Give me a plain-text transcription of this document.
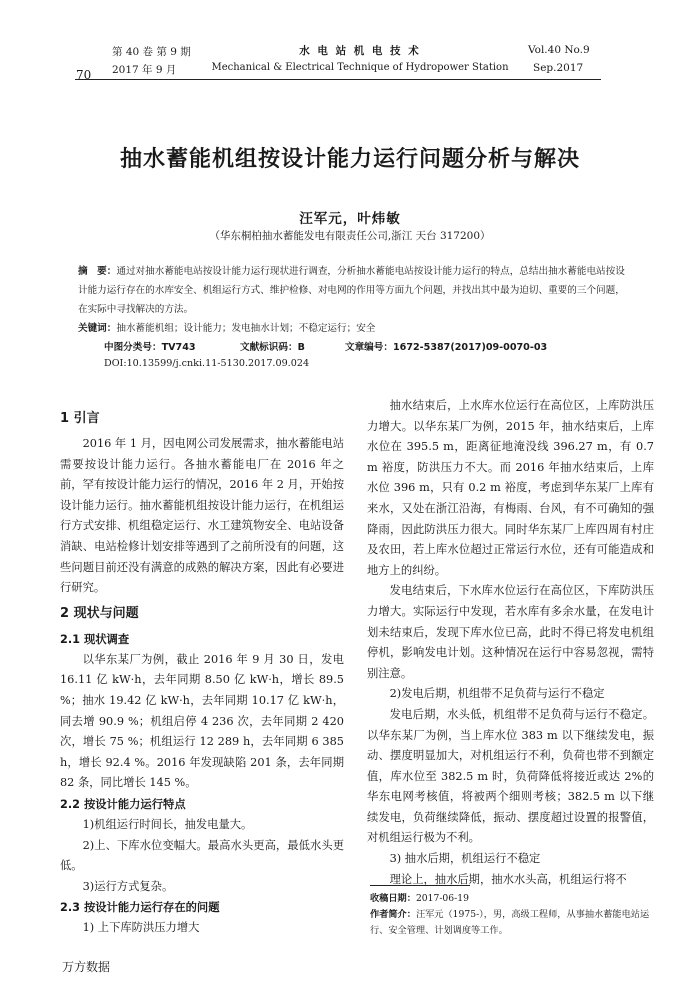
第 40 卷 第 9 期
2017 年 9 月
水 电 站 机 电 技 术
Mechanical & Electrical Technique of Hydropower Station
Vol.40 No.9
Sep.2017
70
抽水蓄能机组按设计能力运行问题分析与解决
汪军元，叶炜敏
（华东桐柏抽水蓄能发电有限责任公司,浙江 天台 317200）
摘　要：通过对抽水蓄能电站按设计能力运行现状进行调查，分析抽水蓄能电站按设计能力运行的特点，总结出抽水蓄能电站按设计能力运行存在的水库安全、机组运行方式、维护检修、对电网的作用等方面九个问题，并找出其中最为迫切、重要的三个问题，在实际中寻找解决的方法。
关键词：抽水蓄能机组；设计能力；发电抽水计划；不稳定运行；安全
中图分类号：TV743	文献标识码：B	文章编号：1672-5387(2017)09-0070-03
DOI:10.13599/j.cnki.11-5130.2017.09.024
1 引言

2016 年 1 月，因电网公司发展需求，抽水蓄能电站需要按设计能力运行。各抽水蓄能电厂在 2016 年之前，罕有按设计能力运行的情况，2016 年 2 月，开始按设计能力运行。抽水蓄能机组按设计能力运行，在机组运行方式安排、机组稳定运行、水工建筑物安全、电站设备消缺、电站检修计划安排等遇到了之前所没有的问题，这些问题目前还没有满意的成熟的解决方案，因此有必要进行研究。

2 现状与问题
2.1 现状调查

以华东某厂为例，截止 2016 年 9 月 30 日，发电 16.11 亿 kW·h，去年同期 8.50 亿 kW·h，增长 89.5 %；抽水 19.42 亿 kW·h，去年同期 10.17 亿 kW·h，同去增 90.9 %；机组启停 4 236 次，去年同期 2 420 次，增长 75 %；机组运行 12 289 h，去年同期 6 385 h，增长 92.4 %。2016 年发现缺陷 201 条，去年同期 82 条，同比增长 145 %。

2.2 按设计能力运行特点

1)机组运行时间长，抽发电量大。

2)上、下库水位变幅大。最高水头更高，最低水头更低。

3)运行方式复杂。

2.3 按设计能力运行存在的问题

1) 上下库防洪压力增大

抽水结束后，上水库水位运行在高位区，上库防洪压力增大。以华东某厂为例，2015 年，抽水结束后，上库水位在 395.5 m，距离征地淹没线 396.27 m，有 0.7 m 裕度，防洪压力不大。而 2016 年抽水结束后，上库水位 396 m，只有 0.2 m 裕度，考虑到华东某厂上库有来水，又处在浙江沿海，有梅雨、台风，有不可确知的强降雨，因此防洪压力很大。同时华东某厂上库四周有村庄及农田，若上库水位超过正常运行水位，还有可能造成和地方上的纠纷。

发电结束后，下水库水位运行在高位区，下库防洪压力增大。实际运行中发现，若水库有多余水量，在发电计划未结束后，发现下库水位已高，此时不得已将发电机组停机，影响发电计划。这种情况在运行中容易忽视，需特别注意。

2)发电后期，机组带不足负荷与运行不稳定

发电后期，水头低，机组带不足负荷与运行不稳定。以华东某厂为例，当上库水位 383 m 以下继续发电，振动、摆度明显加大，对机组运行不利，负荷也带不到额定值，库水位至 382.5 m 时，负荷降低将接近或达 2%的华东电网考核值，将被两个细则考核；382.5 m 以下继续发电，负荷继续降低，振动、摆度超过设置的报警值，对机组运行极为不利。

3) 抽水后期，机组运行不稳定

理论上，抽水后期，抽水水头高，机组运行将不

收稿日期：2017-06-19
作者简介：汪军元（1975-），男，高级工程师，从事抽水蓄能电站运行、安全管理、计划调度等工作。
万方数据
